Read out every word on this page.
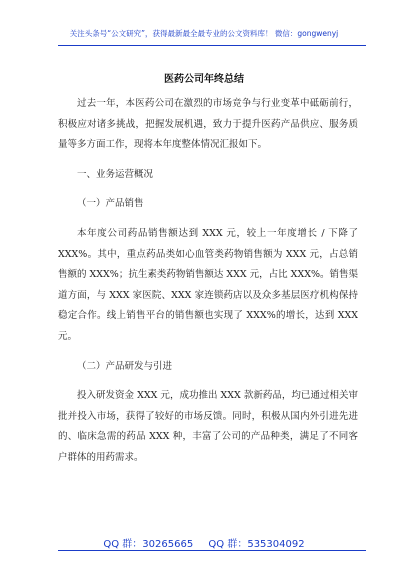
关注头条号“公文研究”，获得最新最全最专业的公文资料库！ 微信：gongwenyj
医药公司年终总结

过去一年，本医药公司在激烈的市场竞争与行业变革中砥砺前行，积极应对诸多挑战，把握发展机遇，致力于提升医药产品供应、服务质量等多方面工作，现将本年度整体情况汇报如下。

一、业务运营概况

（一）产品销售

本年度公司药品销售额达到 XXX 元，较上一年度增长 / 下降了 XXX%。其中，重点药品类如心血管类药物销售额为 XXX 元，占总销售额的 XXX%；抗生素类药物销售额达 XXX 元，占比 XXX%。销售渠道方面，与 XXX 家医院、XXX 家连锁药店以及众多基层医疗机构保持稳定合作。线上销售平台的销售额也实现了 XXX%的增长，达到 XXX 元。

（二）产品研发与引进

投入研发资金 XXX 元，成功推出 XXX 款新药品，均已通过相关审批并投入市场，获得了较好的市场反馈。同时，积极从国内外引进先进的、临床急需的药品 XXX 种，丰富了公司的产品种类，满足了不同客户群体的用药需求。

QQ 群：30265665 QQ 群：535304092
